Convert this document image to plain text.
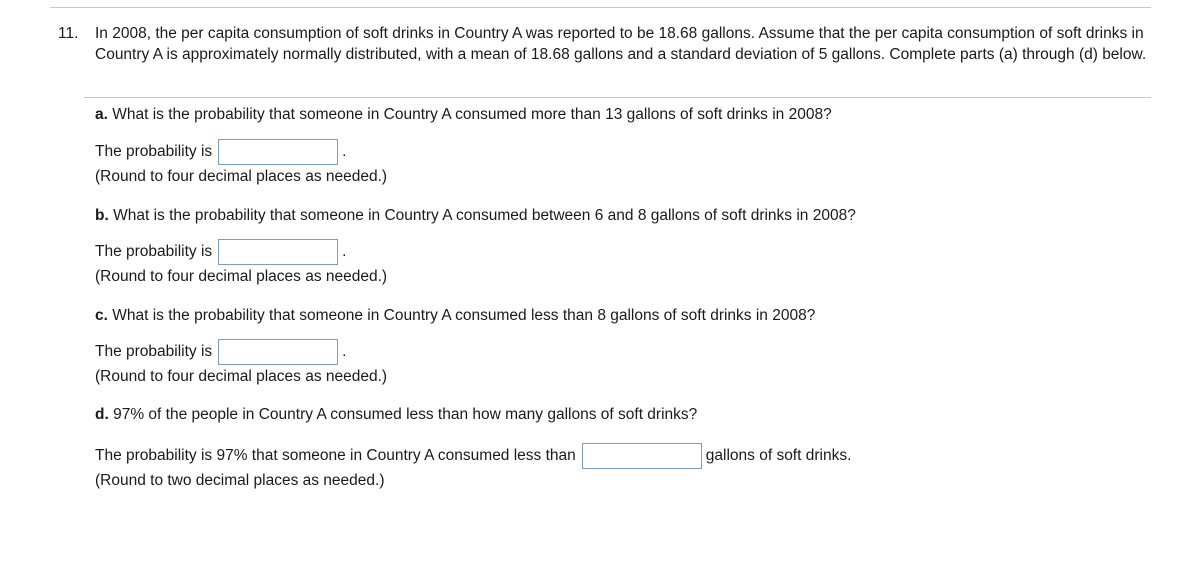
11. In 2008, the per capita consumption of soft drinks in Country A was reported to be 18.68 gallons. Assume that the per capita consumption of soft drinks in Country A is approximately normally distributed, with a mean of 18.68 gallons and a standard deviation of 5 gallons. Complete parts (a) through (d) below.
a. What is the probability that someone in Country A consumed more than 13 gallons of soft drinks in 2008?
The probability is	.
(Round to four decimal places as needed.)
b. What is the probability that someone in Country A consumed between 6 and 8 gallons of soft drinks in 2008?
The probability is	.
(Round to four decimal places as needed.)
c. What is the probability that someone in Country A consumed less than 8 gallons of soft drinks in 2008?
The probability is	.
(Round to four decimal places as needed.)
d. 97% of the people in Country A consumed less than how many gallons of soft drinks?
The probability is 97% that someone in Country A consumed less than	gallons of soft drinks.
(Round to two decimal places as needed.)
